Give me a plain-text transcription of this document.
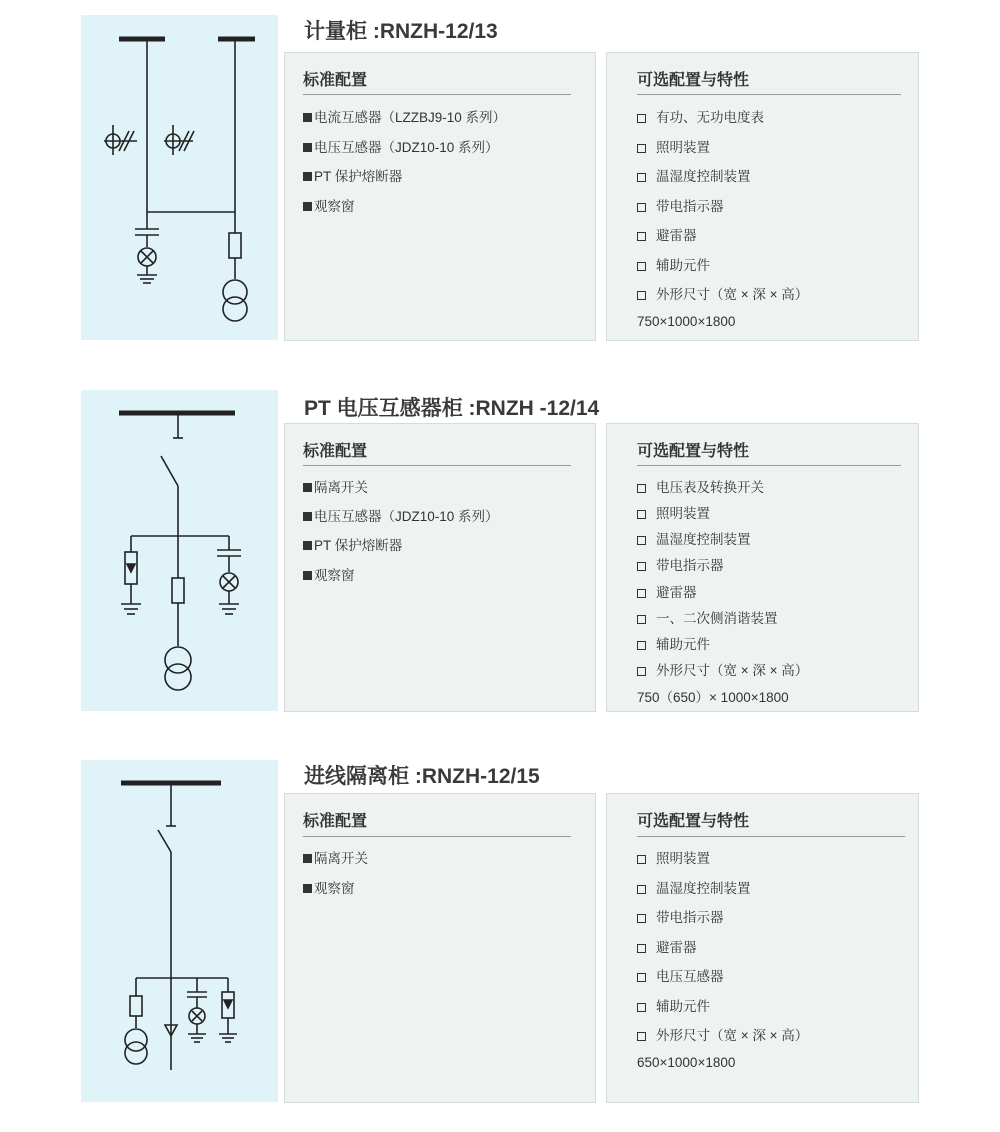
计量柜 :RNZH-12/13
标准配置
电流互感器（LZZBJ9-10 系列）
电压互感器（JDZ10-10 系列）
PT 保护熔断器
观察窗
可选配置与特性
有功、无功电度表
照明装置
温湿度控制装置
带电指示器
避雷器
辅助元件
外形尺寸（宽 × 深 × 高）
750×1000×1800
PT 电压互感器柜 :RNZH -12/14
标准配置
隔离开关
电压互感器（JDZ10-10 系列）
PT 保护熔断器
观察窗
可选配置与特性
电压表及转换开关
照明装置
温湿度控制装置
带电指示器
避雷器
一、二次侧消谐装置
辅助元件
外形尺寸（宽 × 深 × 高）
750（650）× 1000×1800
进线隔离柜 :RNZH-12/15
标准配置
隔离开关
观察窗
可选配置与特性
照明装置
温湿度控制装置
带电指示器
避雷器
电压互感器
辅助元件
外形尺寸（宽 × 深 × 高）
650×1000×1800
